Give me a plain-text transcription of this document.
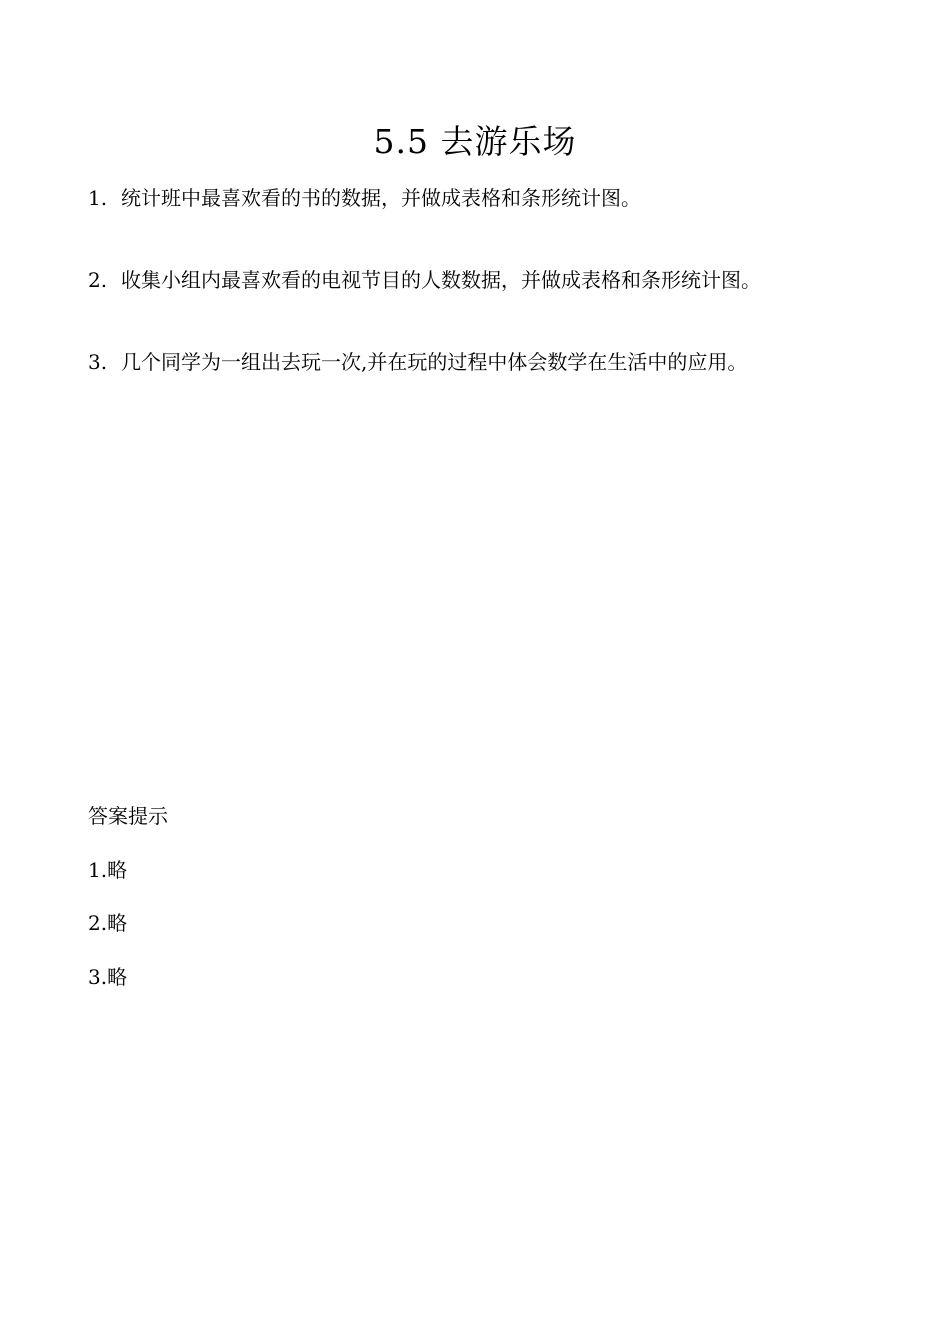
5.5 去游乐场
1. 统计班中最喜欢看的书的数据，并做成表格和条形统计图。
2. 收集小组内最喜欢看的电视节目的人数数据，并做成表格和条形统计图。
3. 几个同学为一组出去玩一次,并在玩的过程中体会数学在生活中的应用。
答案提示
1.略
2.略
3.略
